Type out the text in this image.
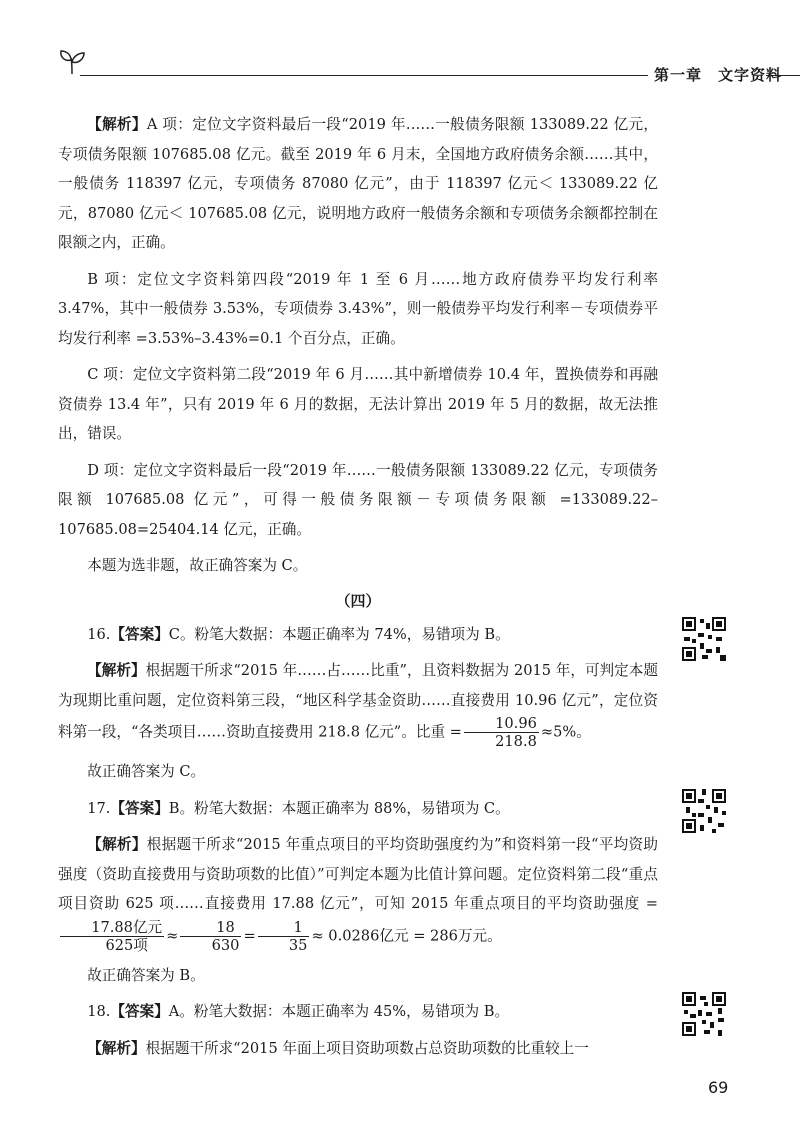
第一章　文字资料

【解析】A 项：定位文字资料最后一段“2019 年……一般债务限额 133089.22 亿元，专项债务限额 107685.08 亿元。截至 2019 年 6 月末，全国地方政府债务余额……其中，一般债务 118397 亿元，专项债务 87080 亿元”，由于 118397 亿元＜ 133089.22 亿元，87080 亿元＜ 107685.08 亿元，说明地方政府一般债务余额和专项债务余额都控制在限额之内，正确。

B 项：定位文字资料第四段“2019 年 1 至 6 月……地方政府债券平均发行利率 3.47%，其中一般债券 3.53%，专项债券 3.43%”，则一般债券平均发行利率－专项债券平均发行利率 =3.53%–3.43%=0.1 个百分点，正确。

C 项：定位文字资料第二段“2019 年 6 月……其中新增债券 10.4 年，置换债券和再融资债券 13.4 年”，只有 2019 年 6 月的数据，无法计算出 2019 年 5 月的数据，故无法推出，错误。

D 项：定位文字资料最后一段“2019 年……一般债务限额 133089.22 亿元，专项债务限额 107685.08 亿元”，可得一般债务限额－专项债务限额 =133089.22–107685.08=25404.14 亿元，正确。

本题为选非题，故正确答案为 C。

（四）

16.【答案】C。粉笔大数据：本题正确率为 74%，易错项为 B。

【解析】根据题干所求“2015 年……占……比重”，且资料数据为 2015 年，可判定本题为现期比重问题，定位资料第三段，“地区科学基金资助……直接费用 10.96 亿元”，定位资料第一段，“各类项目……资助直接费用 218.8 亿元”。比重 = $\frac{10.96}{218.8} \approx 5\%$。

故正确答案为 C。

17.【答案】B。粉笔大数据：本题正确率为 88%，易错项为 C。

【解析】根据题干所求“2015 年重点项目的平均资助强度约为”和资料第一段“平均资助强度（资助直接费用与资助项数的比值）”可判定本题为比值计算问题。定位资料第二段“重点项目资助 625 项……直接费用 17.88 亿元”，可知 2015 年重点项目的平均资助强度 =
$\frac{\text{17.88亿元}}{\text{625项}} \approx \frac{18}{630} = \frac{1}{35} \approx 0.0286$亿元 = 286万元。

故正确答案为 B。

18.【答案】A。粉笔大数据：本题正确率为 45%，易错项为 B。

【解析】根据题干所求“2015 年面上项目资助项数占总资助项数的比重较上一

69
